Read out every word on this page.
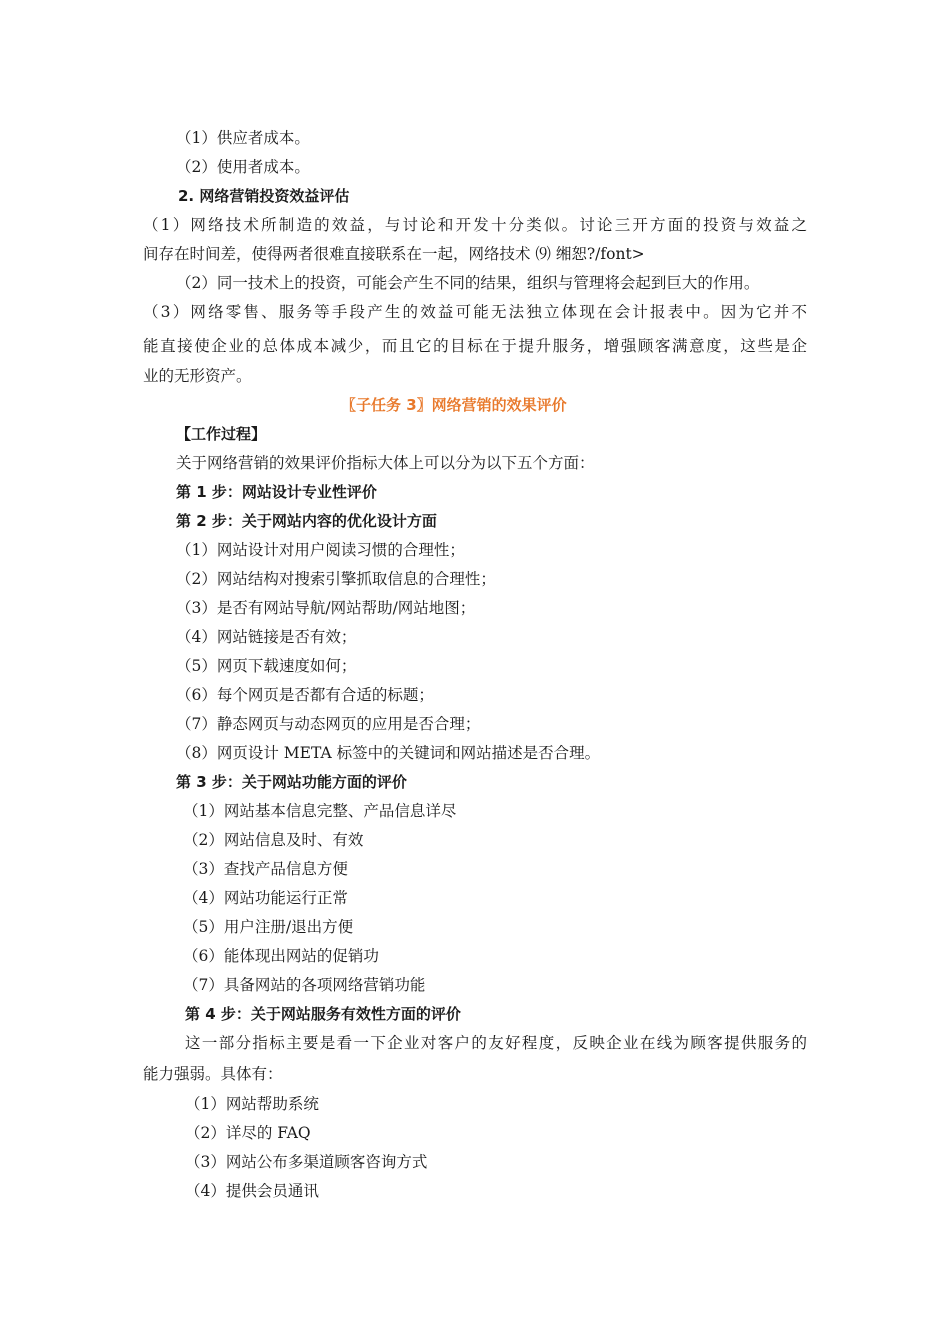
（1）供应者成本。
（2）使用者成本。
2. 网络营销投资效益评估
（1）网络技术所制造的效益，与讨论和开发十分类似。讨论三开方面的投资与效益之
间存在时间差，使得两者很难直接联系在一起，网络技术 ⑼ 缃恕?/font>
（2）同一技术上的投资，可能会产生不同的结果，组织与管理将会起到巨大的作用。
（3）网络零售、服务等手段产生的效益可能无法独立体现在会计报表中。因为它并不
能直接使企业的总体成本减少，而且它的目标在于提升服务，增强顾客满意度，这些是企
业的无形资产。
〖子任务 3〗网络营销的效果评价
【工作过程】
关于网络营销的效果评价指标大体上可以分为以下五个方面：
第 1 步：网站设计专业性评价
第 2 步：关于网站内容的优化设计方面
（1）网站设计对用户阅读习惯的合理性；
（2）网站结构对搜索引擎抓取信息的合理性；
（3）是否有网站导航/网站帮助/网站地图；
（4）网站链接是否有效；
（5）网页下载速度如何；
（6）每个网页是否都有合适的标题；
（7）静态网页与动态网页的应用是否合理；
（8）网页设计 META 标签中的关键词和网站描述是否合理。
第 3 步：关于网站功能方面的评价
（1）网站基本信息完整、产品信息详尽
（2）网站信息及时、有效
（3）查找产品信息方便
（4）网站功能运行正常
（5）用户注册/退出方便
（6）能体现出网站的促销功
（7）具备网站的各项网络营销功能
第 4 步：关于网站服务有效性方面的评价
这一部分指标主要是看一下企业对客户的友好程度，反映企业在线为顾客提供服务的
能力强弱。具体有：
（1）网站帮助系统
（2）详尽的 FAQ
（3）网站公布多渠道顾客咨询方式
（4）提供会员通讯
